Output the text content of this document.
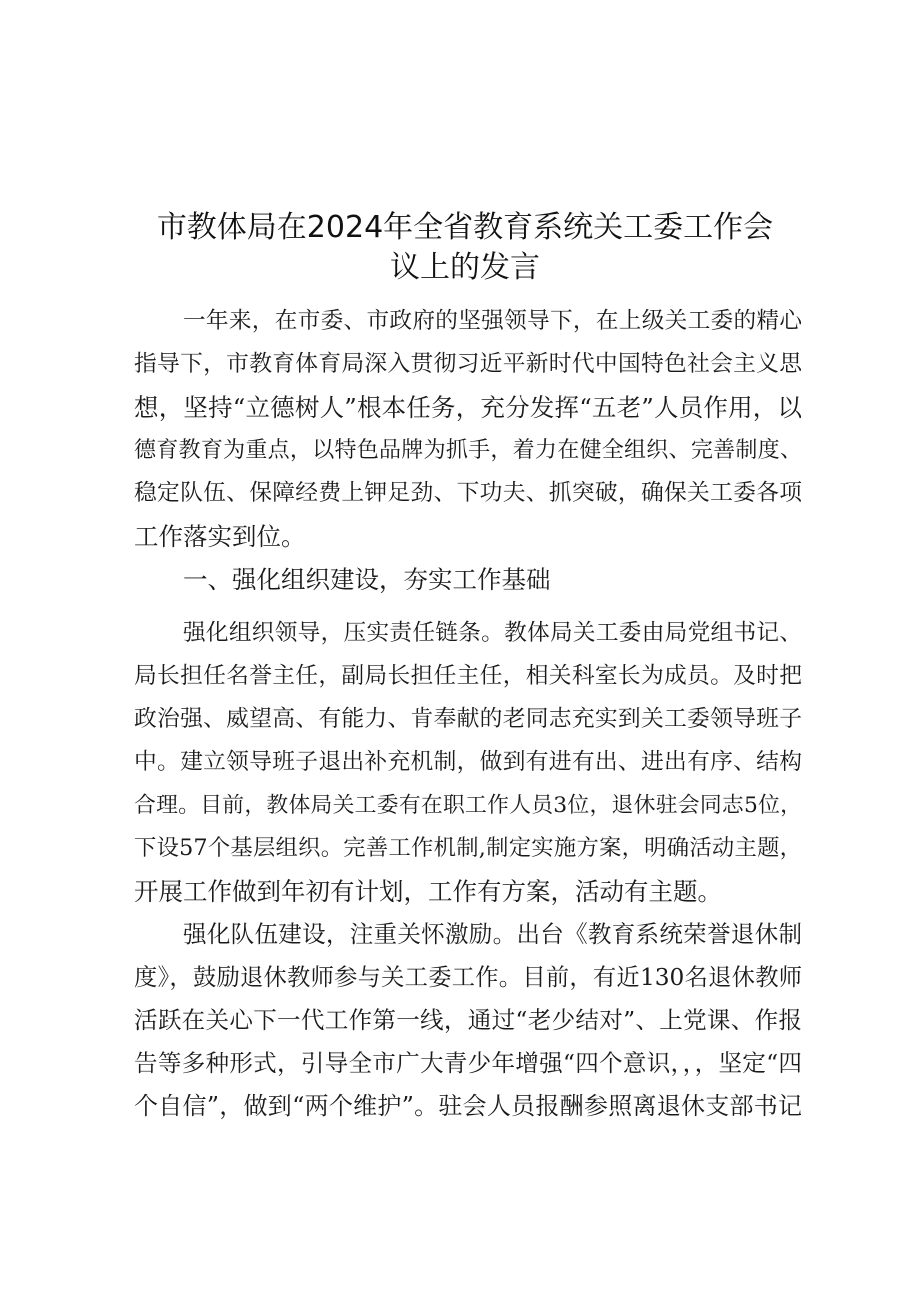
市教体局在2024年全省教育系统关工委工作会
议上的发言
一年来，在市委、市政府的坚强领导下，在上级关工委的精心
指导下，市教育体育局深入贯彻习近平新时代中国特色社会主义思
想，坚持“立德树人”根本任务，充分发挥“五老”人员作用，以
德育教育为重点，以特色品牌为抓手，着力在健全组织、完善制度、
稳定队伍、保障经费上钾足劲、下功夫、抓突破，确保关工委各项
工作落实到位。
一、强化组织建设，夯实工作基础
强化组织领导，压实责任链条。教体局关工委由局党组书记、
局长担任名誉主任，副局长担任主任，相关科室长为成员。及时把
政治强、威望高、有能力、肯奉献的老同志充实到关工委领导班子
中。建立领导班子退出补充机制，做到有进有出、进出有序、结构
合理。目前，教体局关工委有在职工作人员3位，退休驻会同志5位，
下设57个基层组织。完善工作机制,制定实施方案，明确活动主题，
开展工作做到年初有计划，工作有方案，活动有主题。
强化队伍建设，注重关怀激励。出台《教育系统荣誉退休制
度》，鼓励退休教师参与关工委工作。目前，有近130名退休教师
活跃在关心下一代工作第一线，通过“老少结对”、上党课、作报
告等多种形式，引导全市广大青少年增强“四个意识，，，坚定“四
个自信”，做到“两个维护”。驻会人员报酬参照离退休支部书记
